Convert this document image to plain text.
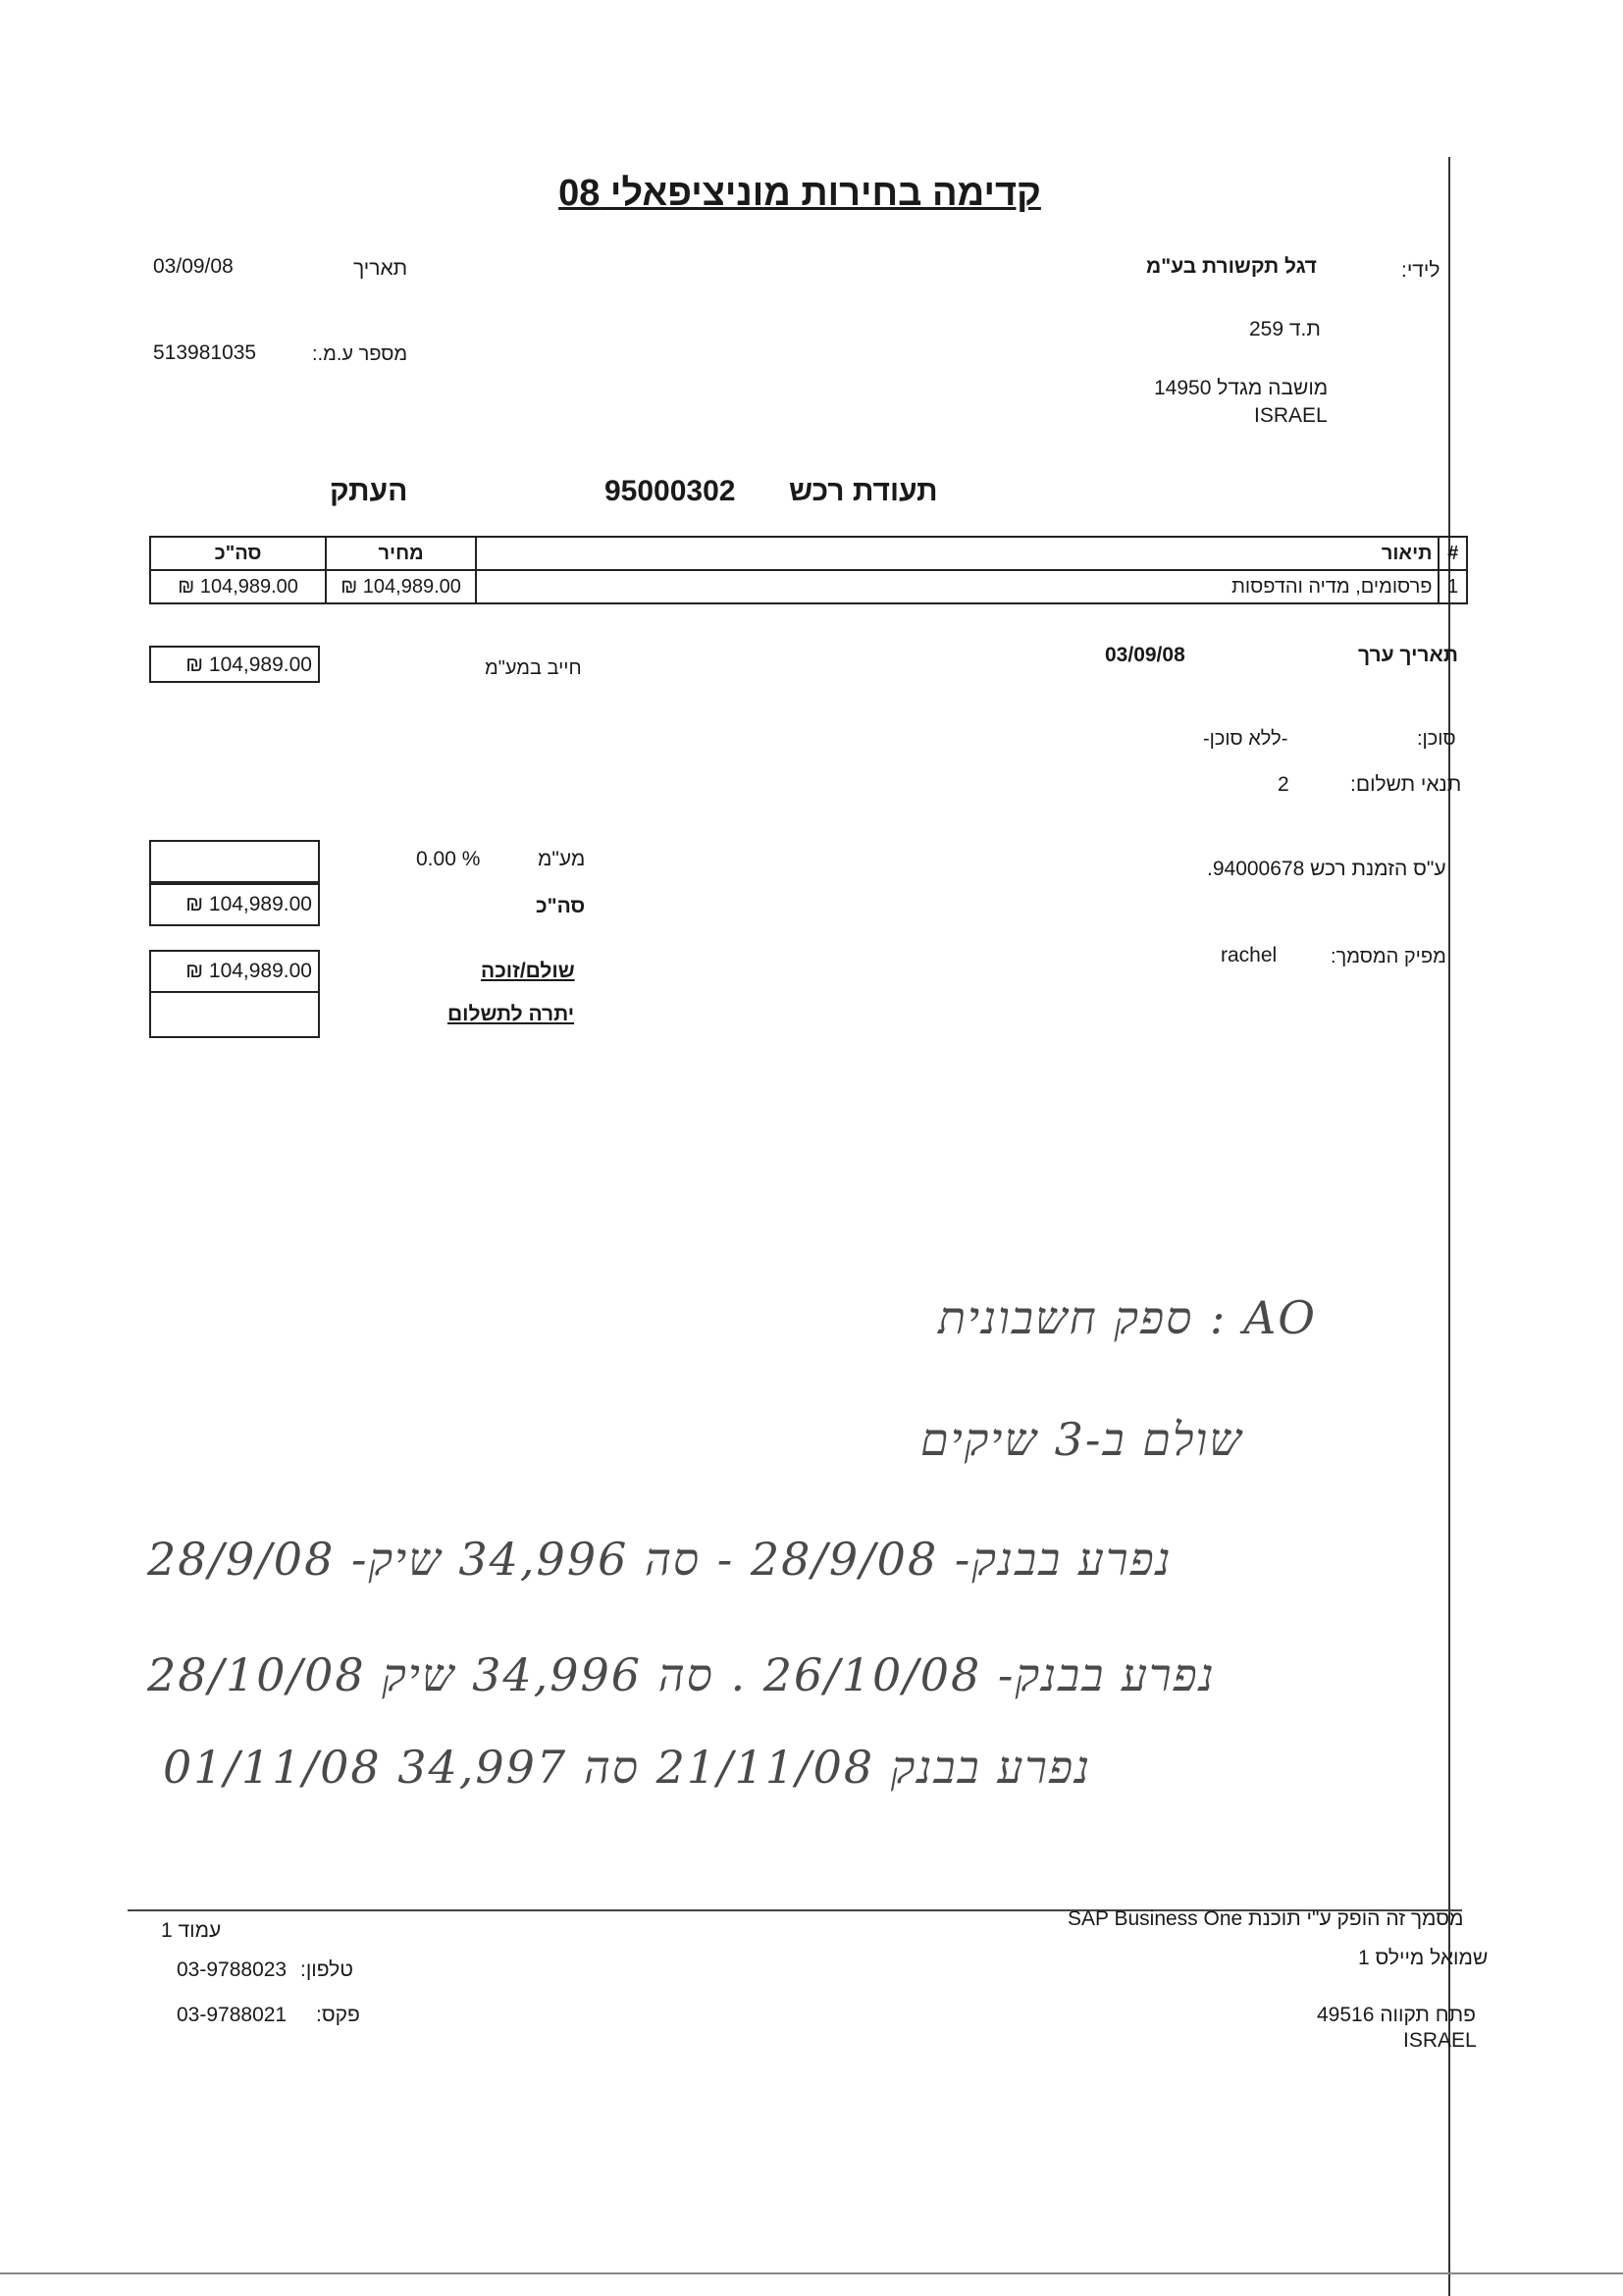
קדימה בחירות מוניציפאלי 08
תאריך
03/09/08
מספר ע.מ.:
513981035
לידי:
דגל תקשורת בע"מ
ת.ד 259
מושבה מגדל 14950
ISRAEL
תעודת רכש
95000302
העתק
סה"כ	מחיר	תיאור	#
₪ 104,989.00	₪ 104,989.00	פרסומים, מדיה והדפסות	1
תאריך ערך
03/09/08
חייב במע"מ
₪ 104,989.00
סוכן:
-ללא סוכן-
תנאי תשלום:
2
0.00 %	מע"מ
₪ 104,989.00	סה"כ
ע"ס הזמנת רכש 94000678.
₪ 104,989.00	שולם/זוכה
יתרה לתשלום
מפיק המסמך:
rachel
AO : ספק חשבונית
שולם ב-3 שיקים
נפרע בבנק- 28/9/08 - סה 34,996 שיק- 28/9/08
נפרע בבנק- 26/10/08 . סה 34,996 שיק 28/10/08
נפרע בבנק 21/11/08 סה 34,997 01/11/08
עמוד 1
טלפון:
03-9788023
פקס:
03-9788021
מסמך זה הופק ע"י תוכנת SAP Business One
שמואל מיילס 1
פתח תקווה 49516
ISRAEL
